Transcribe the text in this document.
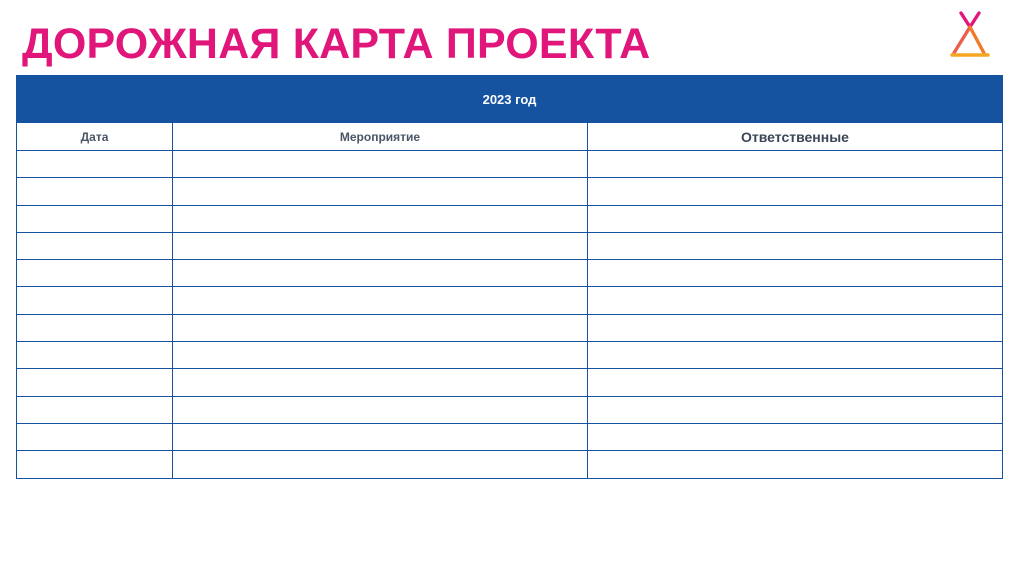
ДОРОЖНАЯ КАРТА ПРОЕКТА
2023 год		
Дата	Мероприятие	Ответственные
